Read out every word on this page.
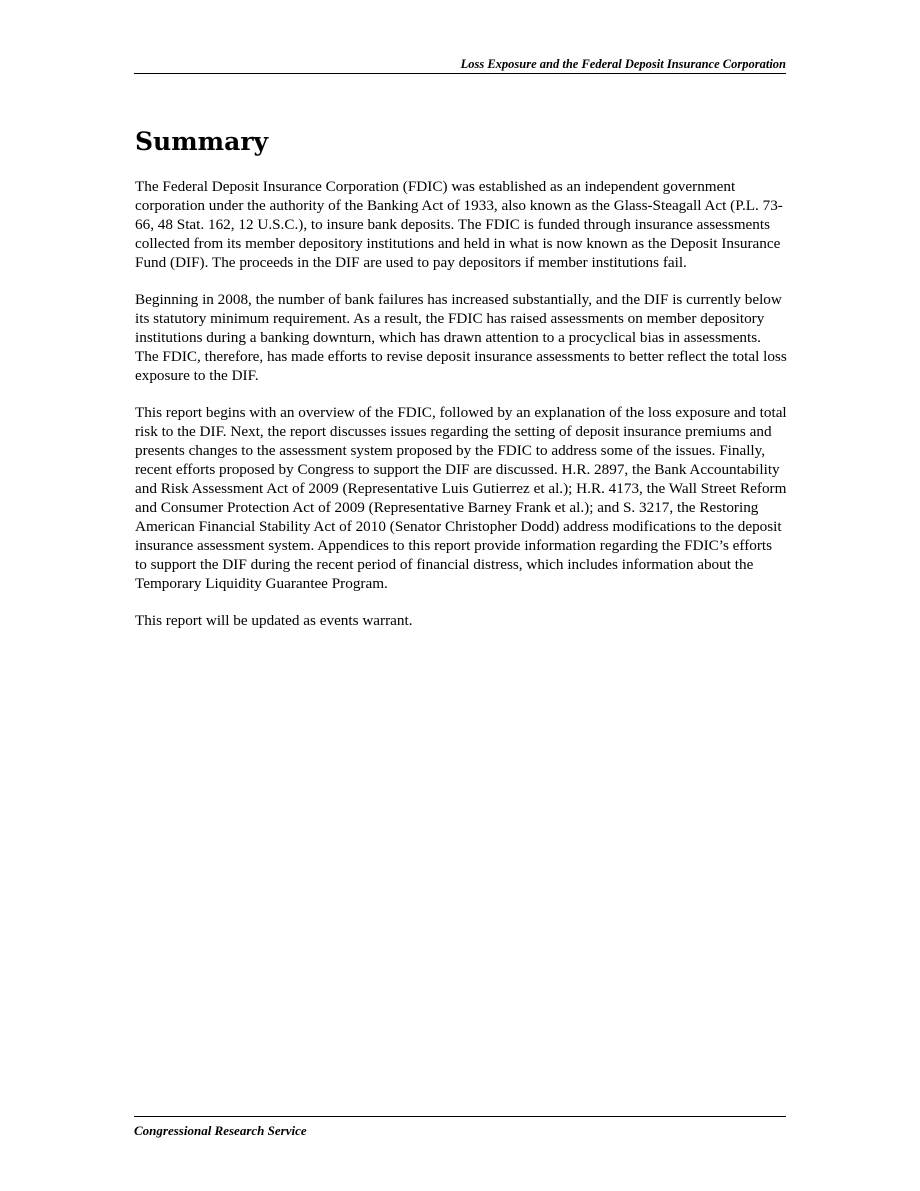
Loss Exposure and the Federal Deposit Insurance Corporation
Summary

The Federal Deposit Insurance Corporation (FDIC) was established as an independent government corporation under the authority of the Banking Act of 1933, also known as the Glass-Steagall Act (P.L. 73-66, 48 Stat. 162, 12 U.S.C.), to insure bank deposits. The FDIC is funded through insurance assessments collected from its member depository institutions and held in what is now known as the Deposit Insurance Fund (DIF). The proceeds in the DIF are used to pay depositors if member institutions fail.

Beginning in 2008, the number of bank failures has increased substantially, and the DIF is currently below its statutory minimum requirement. As a result, the FDIC has raised assessments on member depository institutions during a banking downturn, which has drawn attention to a procyclical bias in assessments. The FDIC, therefore, has made efforts to revise deposit insurance assessments to better reflect the total loss exposure to the DIF.

This report begins with an overview of the FDIC, followed by an explanation of the loss exposure and total risk to the DIF. Next, the report discusses issues regarding the setting of deposit insurance premiums and presents changes to the assessment system proposed by the FDIC to address some of the issues. Finally, recent efforts proposed by Congress to support the DIF are discussed. H.R. 2897, the Bank Accountability and Risk Assessment Act of 2009 (Representative Luis Gutierrez et al.); H.R. 4173, the Wall Street Reform and Consumer Protection Act of 2009 (Representative Barney Frank et al.); and S. 3217, the Restoring American Financial Stability Act of 2010 (Senator Christopher Dodd) address modifications to the deposit insurance assessment system. Appendices to this report provide information regarding the FDIC’s efforts to support the DIF during the recent period of financial distress, which includes information about the Temporary Liquidity Guarantee Program.

This report will be updated as events warrant.

Congressional Research Service
